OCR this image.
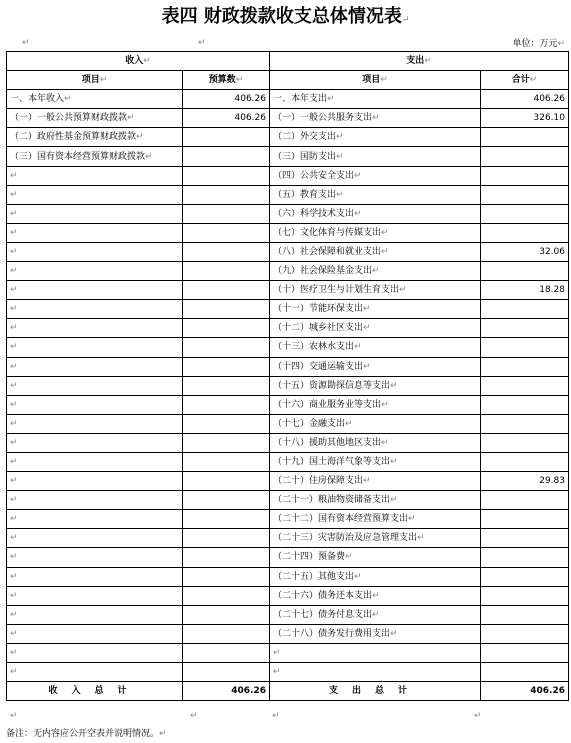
表四 财政拨款收支总体情况表↵
↵	↵	单位：万元↵
收入↵		支出↵	
项目↵	预算数↵	项目↵	合计↵
一、本年收入↵	406.26	一、本年支出↵	406.26
（一）一般公共预算财政拨款↵	406.26	（一）一般公共服务支出↵	326.10
（二）政府性基金预算财政拨款↵		（二）外交支出↵	
（三）国有资本经营预算财政拨款↵		（三）国防支出↵	
↵		（四）公共安全支出↵	
↵		（五）教育支出↵	
↵		（六）科学技术支出↵	
↵		（七）文化体育与传媒支出↵	
↵		（八）社会保障和就业支出↵	32.06
↵		（九）社会保险基金支出↵	
↵		（十）医疗卫生与计划生育支出↵	18.28
↵		（十一）节能环保支出↵	
↵		（十二）城乡社区支出↵	
↵		（十三）农林水支出↵	
↵		（十四）交通运输支出↵	
↵		（十五）资源勘探信息等支出↵	
↵		（十六）商业服务业等支出↵	
↵		（十七）金融支出↵	
↵		（十八）援助其他地区支出↵	
↵		（十九）国土海洋气象等支出↵	
↵		（二十）住房保障支出↵	29.83
↵		（二十一）粮油物资储备支出↵	
↵		（二十二）国有资本经营预算支出↵	
↵		（二十三）灾害防治及应急管理支出↵	
↵		（二十四）预备费↵	
↵		（二十五）其他支出↵	
↵		（二十六）债务还本支出↵	
↵		（二十七）债务付息支出↵	
↵		（二十八）债务发行费用支出↵	
↵		↵	
↵		↵	
收入总计	406.26	支出总计	406.26
↵	↵	↵	↵
备注：无内容应公开空表并说明情况。↵
